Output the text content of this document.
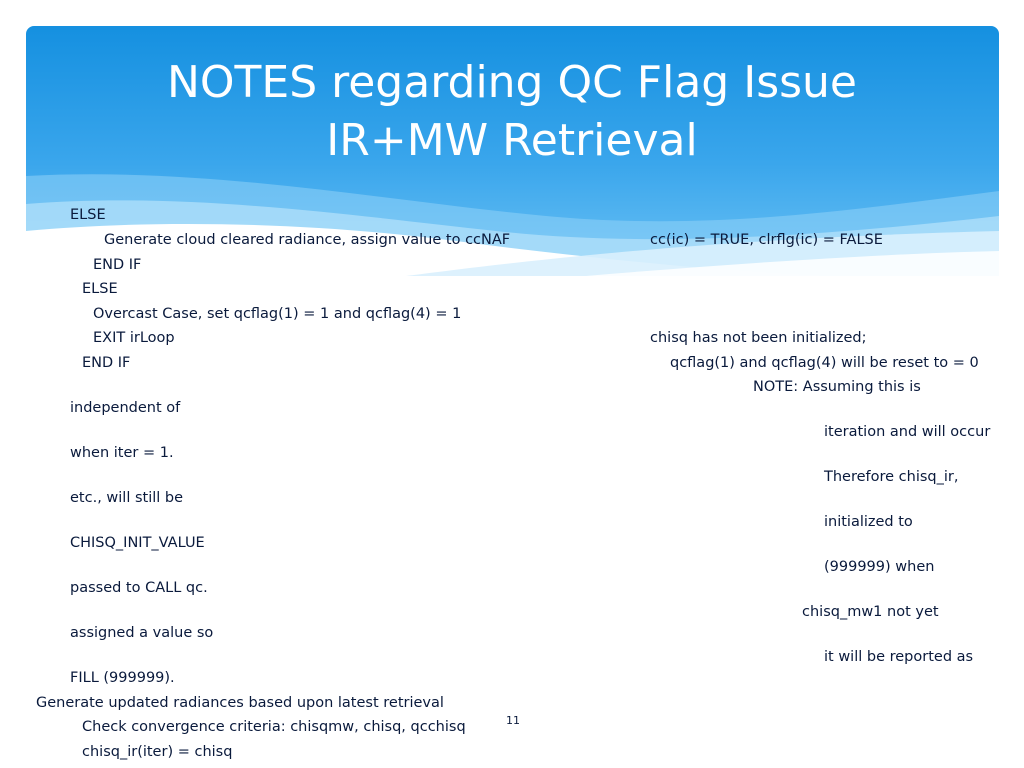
NOTES regarding QC Flag Issue
IR+MW Retrieval
ELSE
Generate cloud cleared radiance, assign value to ccNAF
END IF
ELSE
Overcast Case, set qcflag(1) = 1 and qcflag(4) = 1
EXIT irLoop
END IF
independent of
when iter = 1.
etc., will still be
CHISQ_INIT_VALUE
passed to CALL qc.
assigned a value so
FILL (999999).
Generate updated radiances based upon latest retrieval
Check convergence criteria: chisqmw, chisq, qcchisq
chisq_ir(iter) = chisq
cc(ic) = TRUE, clrflg(ic) = FALSE
chisq has not been initialized;
qcflag(1) and qcflag(4) will be reset to = 0
NOTE: Assuming this is
iteration and will occur
Therefore chisq_ir,
initialized to
(999999) when
chisq_mw1 not yet
it will be reported as
11
